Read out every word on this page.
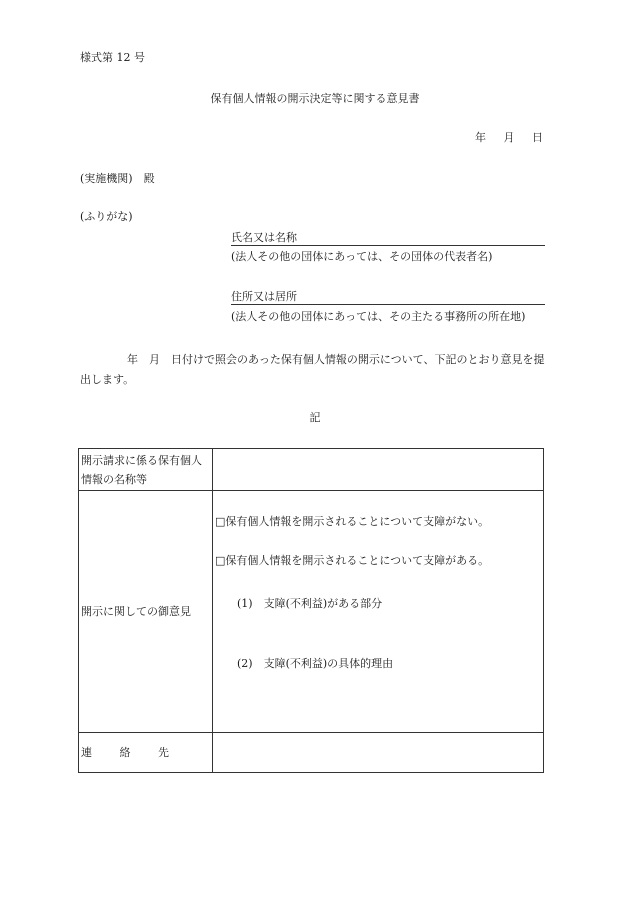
様式第 12 号
保有個人情報の開示決定等に関する意見書
年 月 日
(実施機関)　殿
(ふりがな)
氏名又は名称
(法人その他の団体にあっては、その団体の代表者名)
住所又は居所
(法人その他の団体にあっては、その主たる事務所の所在地)
年　月　日付けで照会のあった保有個人情報の開示について、下記のとおり意見を提出します。
記
開示請求に係る保有個人情報の名称等	
開示に関しての御意見	□保有個人情報を開示されることについて支障がない。
□保有個人情報を開示されることについて支障がある。
(1)　支障(不利益)がある部分
(2)　支障(不利益)の具体的理由

連 絡 先	
